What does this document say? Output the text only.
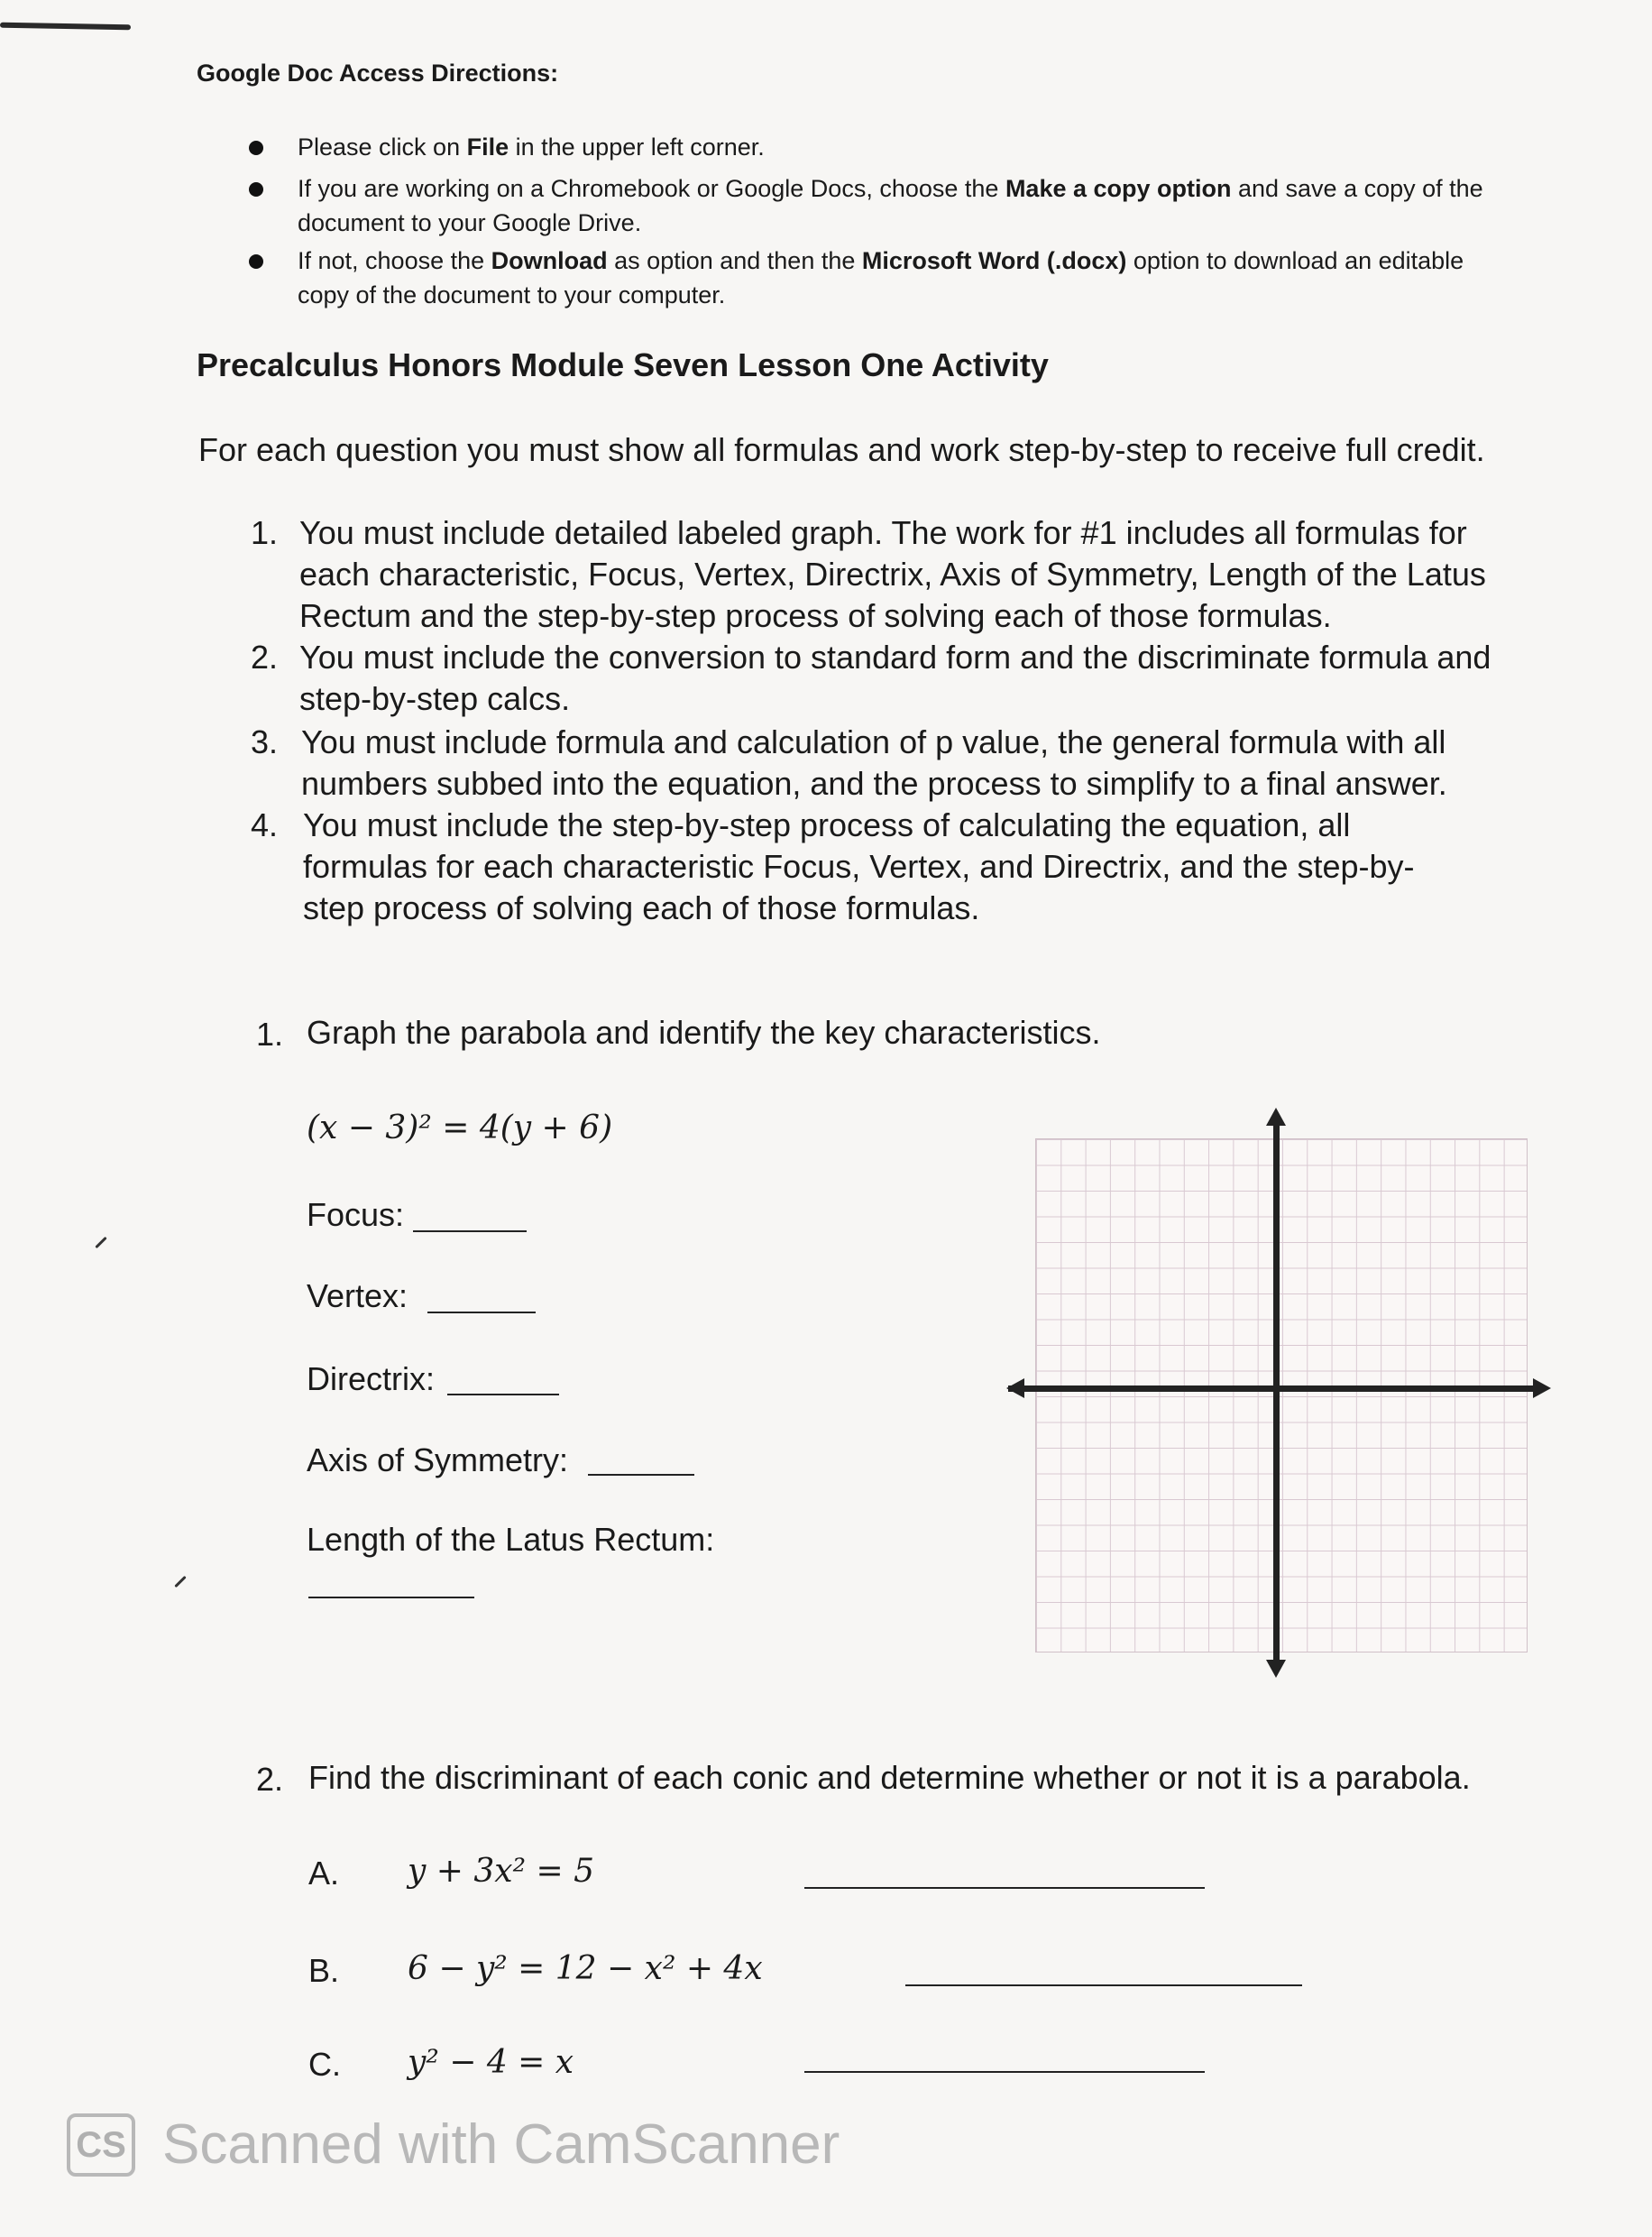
Google Doc Access Directions:
Please click on File in the upper left corner.
If you are working on a Chromebook or Google Docs, choose the Make a copy option and save a copy of the document to your Google Drive.
If not, choose the Download as option and then the Microsoft Word (.docx) option to download an editable copy of the document to your computer.
Precalculus Honors Module Seven Lesson One Activity
For each question you must show all formulas and work step-by-step to receive full credit.
1. You must include detailed labeled graph. The work for #1 includes all formulas for each characteristic, Focus, Vertex, Directrix, Axis of Symmetry, Length of the Latus Rectum and the step-by-step process of solving each of those formulas.
2. You must include the conversion to standard form and the discriminate formula and step-by-step calcs.
3. You must include formula and calculation of p value, the general formula with all numbers subbed into the equation, and the process to simplify to a final answer.
4. You must include the step-by-step process of calculating the equation, all formulas for each characteristic Focus, Vertex, and Directrix, and the step-by-step process of solving each of those formulas.
1. Graph the parabola and identify the key characteristics.
(x − 3)² = 4(y + 6)
Focus:
Vertex:
Directrix:
Axis of Symmetry:
Length of the Latus Rectum:
2. Find the discriminant of each conic and determine whether or not it is a parabola.
A. y + 3x² = 5
B. 6 − y² = 12 − x² + 4x
C. y² − 4 = x
CS Scanned with CamScanner
